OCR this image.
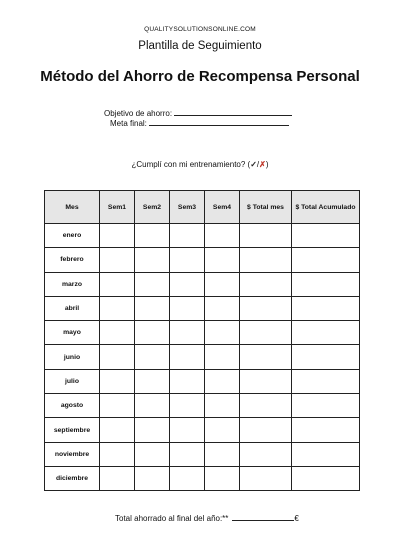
QUALITYSOLUTIONSONLINE.COM
Plantilla de Seguimiento
Método del Ahorro de Recompensa Personal
Objetivo de ahorro:
Meta final:
¿Cumplí con mi entrenamiento? (✓/✗)
Mes	Sem1	Sem2	Sem3	Sem4	$ Total mes	$ Total Acumulado
enero						
febrero						
marzo						
abril						
mayo						
junio						
julio						
agosto						
septiembre						
noviembre						
diciembre						
Total ahorrado al final del año:**	€
